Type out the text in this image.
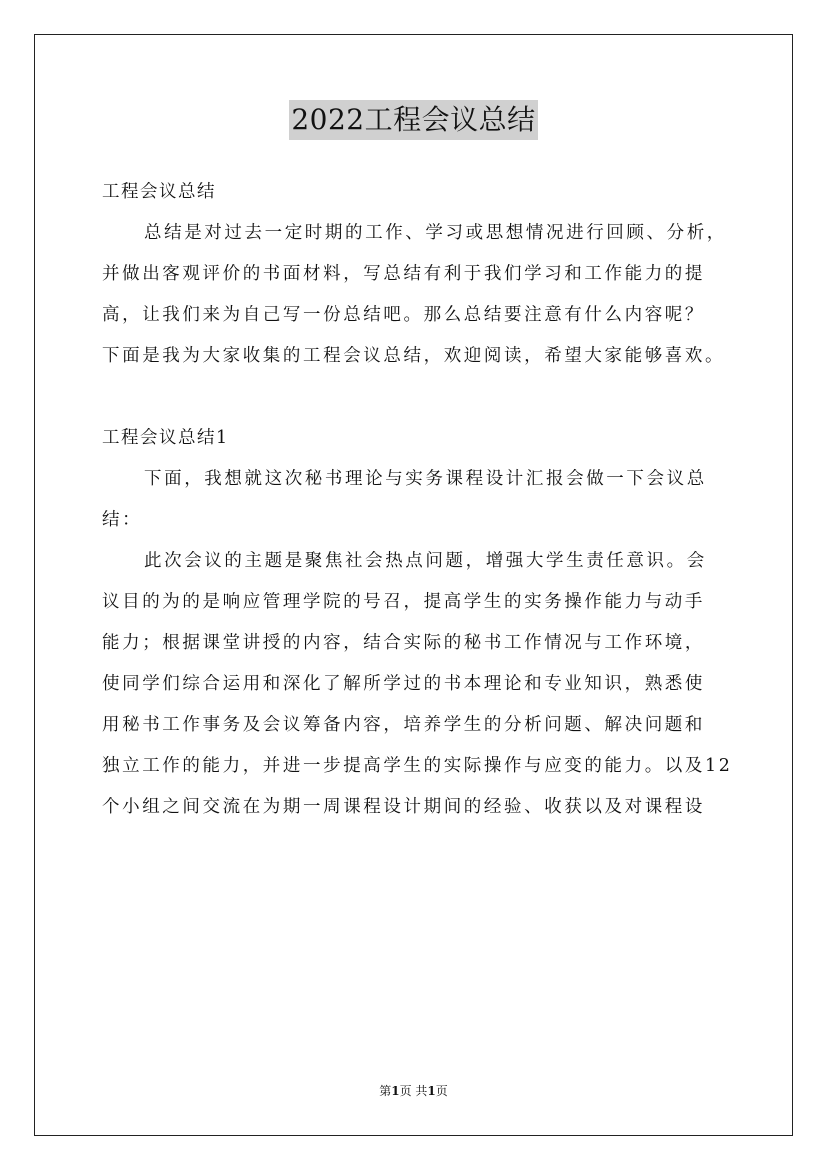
2022工程会议总结
工程会议总结
总结是对过去一定时期的工作、学习或思想情况进行回顾、分析，
并做出客观评价的书面材料，写总结有利于我们学习和工作能力的提
高，让我们来为自己写一份总结吧。那么总结要注意有什么内容呢？
下面是我为大家收集的工程会议总结，欢迎阅读，希望大家能够喜欢。
工程会议总结1
下面，我想就这次秘书理论与实务课程设计汇报会做一下会议总
结：
此次会议的主题是聚焦社会热点问题，增强大学生责任意识。会
议目的为的是响应管理学院的号召，提高学生的实务操作能力与动手
能力；根据课堂讲授的内容，结合实际的秘书工作情况与工作环境，
使同学们综合运用和深化了解所学过的书本理论和专业知识，熟悉使
用秘书工作事务及会议筹备内容，培养学生的分析问题、解决问题和
独立工作的能力，并进一步提高学生的实际操作与应变的能力。以及12
个小组之间交流在为期一周课程设计期间的经验、收获以及对课程设
第1页 共1页
